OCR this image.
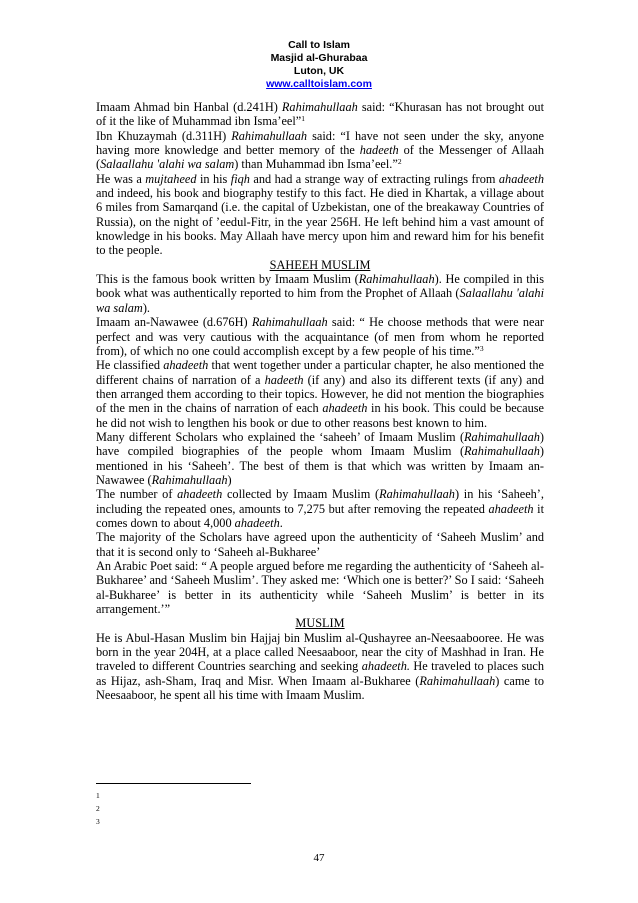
Call to Islam
Masjid al-Ghurabaa
Luton, UK
www.calltoislam.com

Imaam Ahmad bin Hanbal (d.241H) Rahimahullaah said: “Khurasan has not brought out of it the like of Muhammad ibn Isma’eel”$^1$

Ibn Khuzaymah (d.311H) Rahimahullaah said: “I have not seen under the sky, anyone having more knowledge and better memory of the hadeeth of the Messenger of Allaah (Salaallahu 'alahi wa salam) than Muhammad ibn Isma’eel.”$^2$

He was a mujtaheed in his fiqh and had a strange way of extracting rulings from ahadeeth and indeed, his book and biography testify to this fact. He died in Khartak, a village about 6 miles from Samarqand (i.e. the capital of Uzbekistan, one of the breakaway Countries of Russia), on the night of ’eedul-Fitr, in the year 256H. He left behind him a vast amount of knowledge in his books. May Allaah have mercy upon him and reward him for his benefit to the people.

SAHEEH MUSLIM

This is the famous book written by Imaam Muslim (Rahimahullaah). He compiled in this book what was authentically reported to him from the Prophet of Allaah (Salaallahu 'alahi wa salam).

Imaam an-Nawawee (d.676H) Rahimahullaah said: “ He choose methods that were near perfect and was very cautious with the acquaintance (of men from whom he reported from), of which no one could accomplish except by a few people of his time.”$^3$

He classified ahadeeth that went together under a particular chapter, he also mentioned the different chains of narration of a hadeeth (if any) and also its different texts (if any) and then arranged them according to their topics. However, he did not mention the biographies of the men in the chains of narration of each ahadeeth in his book. This could be because he did not wish to lengthen his book or due to other reasons best known to him.

Many different Scholars who explained the ‘saheeh’ of Imaam Muslim (Rahimahullaah) have compiled biographies of the people whom Imaam Muslim (Rahimahullaah) mentioned in his ‘Saheeh’. The best of them is that which was written by Imaam an-Nawawee (Rahimahullaah)

The number of ahadeeth collected by Imaam Muslim (Rahimahullaah) in his ‘Saheeh’, including the repeated ones, amounts to 7,275 but after removing the repeated ahadeeth it comes down to about 4,000 ahadeeth.

The majority of the Scholars have agreed upon the authenticity of ‘Saheeh Muslim’ and that it is second only to ‘Saheeh al-Bukharee’

An Arabic Poet said: “ A people argued before me regarding the authenticity of ‘Saheeh al-Bukharee’ and ‘Saheeh Muslim’. They asked me: ‘Which one is better?’ So I said: ‘Saheeh al-Bukharee’ is better in its authenticity while ‘Saheeh Muslim’ is better in its arrangement.’”

MUSLIM

He is Abul-Hasan Muslim bin Hajjaj bin Muslim al-Qushayree an-Neesaabooree. He was born in the year 204H, at a place called Neesaaboor, near the city of Mashhad in Iran. He traveled to different Countries searching and seeking ahadeeth. He traveled to places such as Hijaz, ash-Sham, Iraq and Misr. When Imaam al-Bukharee (Rahimahullaah) came to Neesaaboor, he spent all his time with Imaam Muslim.

1
2
3
47
